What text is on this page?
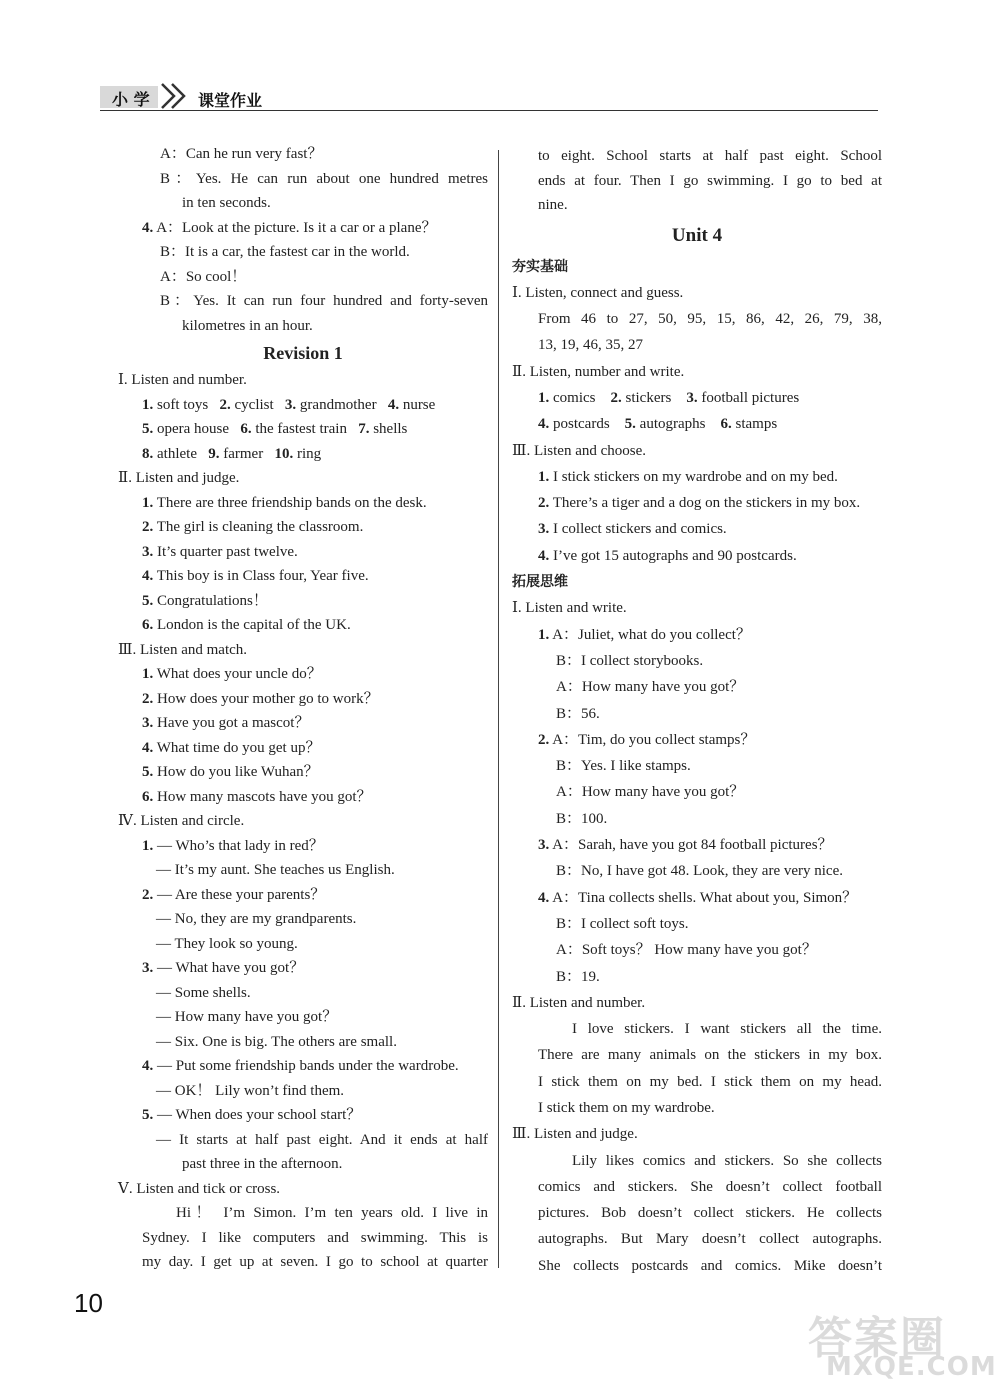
小 学	课堂作业
A：Can he run very fast？
B：Yes. He can run about one hundred metres
in ten seconds.
4. A：Look at the picture. Is it a car or a plane？
B：It is a car, the fastest car in the world.
A：So cool！
B：Yes. It can run four hundred and forty-seven
kilometres in an hour.
Revision 1
Ⅰ. Listen and number.
1. soft toys 2. cyclist 3. grandmother 4. nurse
5. opera house 6. the fastest train 7. shells
8. athlete 9. farmer 10. ring
Ⅱ. Listen and judge.
1. There are three friendship bands on the desk.
2. The girl is cleaning the classroom.
3. It’s quarter past twelve.
4. This boy is in Class four, Year five.
5. Congratulations！
6. London is the capital of the UK.
Ⅲ. Listen and match.
1. What does your uncle do？
2. How does your mother go to work？
3. Have you got a mascot？
4. What time do you get up？
5. How do you like Wuhan？
6. How many mascots have you got？
Ⅳ. Listen and circle.
1. — Who’s that lady in red？
— It’s my aunt. She teaches us English.
2. — Are these your parents？
— No, they are my grandparents.
— They look so young.
3. — What have you got？
— Some shells.
— How many have you got？
— Six. One is big. The others are small.
4. — Put some friendship bands under the wardrobe.
— OK！ Lily won’t find them.
5. — When does your school start？
— It starts at half past eight. And it ends at half
past three in the afternoon.
Ⅴ. Listen and tick or cross.
Hi！ I’m Simon. I’m ten years old. I live in
Sydney. I like computers and swimming. This is
my day. I get up at seven. I go to school at quarter
to eight. School starts at half past eight. School
ends at four. Then I go swimming. I go to bed at
nine.
Unit 4
夯实基础
Ⅰ. Listen, connect and guess.
From 46 to 27, 50, 95, 15, 86, 42, 26, 79, 38,
13, 19, 46, 35, 27
Ⅱ. Listen, number and write.
1. comics 2. stickers 3. football pictures
4. postcards 5. autographs 6. stamps
Ⅲ. Listen and choose.
1. I stick stickers on my wardrobe and on my bed.
2. There’s a tiger and a dog on the stickers in my box.
3. I collect stickers and comics.
4. I’ve got 15 autographs and 90 postcards.
拓展思维
Ⅰ. Listen and write.
1. A：Juliet, what do you collect？
B：I collect storybooks.
A：How many have you got？
B：56.
2. A：Tim, do you collect stamps？
B：Yes. I like stamps.
A：How many have you got？
B：100.
3. A：Sarah, have you got 84 football pictures？
B：No, I have got 48. Look, they are very nice.
4. A：Tina collects shells. What about you, Simon？
B：I collect soft toys.
A：Soft toys？ How many have you got？
B：19.
Ⅱ. Listen and number.
I love stickers. I want stickers all the time.
There are many animals on the stickers in my box.
I stick them on my bed. I stick them on my head.
I stick them on my wardrobe.
Ⅲ. Listen and judge.
Lily likes comics and stickers. So she collects
comics and stickers. She doesn’t collect football
pictures. Bob doesn’t collect stickers. He collects
autographs. But Mary doesn’t collect autographs.
She collects postcards and comics. Mike doesn’t
10
答案圈
MXQE.COM
